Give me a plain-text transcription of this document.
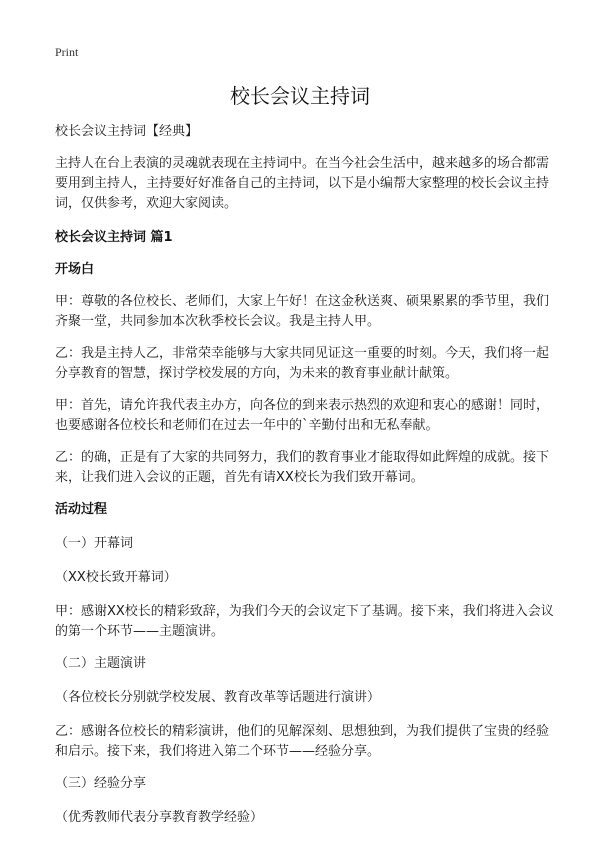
Print
校长会议主持词

校长会议主持词【经典】

主持人在台上表演的灵魂就表现在主持词中。在当今社会生活中，越来越多的场合都需要用到主持人，主持要好好准备自己的主持词，以下是小编帮大家整理的校长会议主持词，仅供参考，欢迎大家阅读。

校长会议主持词 篇1

开场白

甲：尊敬的各位校长、老师们，大家上午好！在这金秋送爽、硕果累累的季节里，我们齐聚一堂，共同参加本次秋季校长会议。我是主持人甲。

乙：我是主持人乙，非常荣幸能够与大家共同见证这一重要的时刻。今天，我们将一起分享教育的智慧，探讨学校发展的方向，为未来的教育事业献计献策。

甲：首先，请允许我代表主办方，向各位的到来表示热烈的欢迎和衷心的感谢！同时，也要感谢各位校长和老师们在过去一年中的`辛勤付出和无私奉献。

乙：的确，正是有了大家的共同努力，我们的教育事业才能取得如此辉煌的成就。接下来，让我们进入会议的正题，首先有请XX校长为我们致开幕词。

活动过程

（一）开幕词

（XX校长致开幕词）

甲：感谢XX校长的精彩致辞，为我们今天的会议定下了基调。接下来，我们将进入会议的第一个环节——主题演讲。

（二）主题演讲

（各位校长分别就学校发展、教育改革等话题进行演讲）

乙：感谢各位校长的精彩演讲，他们的见解深刻、思想独到，为我们提供了宝贵的经验和启示。接下来，我们将进入第二个环节——经验分享。

（三）经验分享

（优秀教师代表分享教育教学经验）
